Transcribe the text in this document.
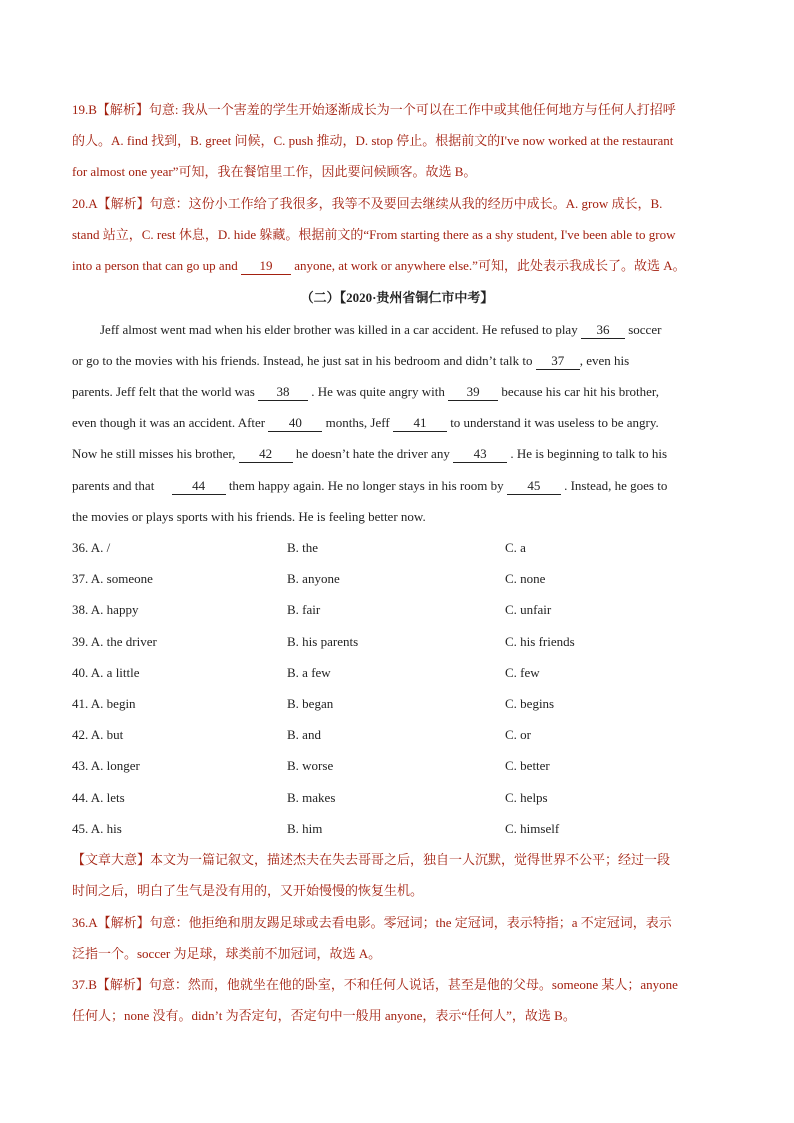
19.B【解析】句意: 我从一个害羞的学生开始逐渐成长为一个可以在工作中或其他任何地方与任何人打招呼
的人。A. find 找到，B. greet 问候，C. push 推动，D. stop 停止。根据前文的I've now worked at the restaurant
for almost one year”可知，我在餐馆里工作，因此要问候顾客。故选 B。
20.A【解析】句意：这份小工作给了我很多，我等不及要回去继续从我的经历中成长。A. grow 成长，B.
stand 站立，C. rest 休息，D. hide 躲藏。根据前文的“From starting there as a shy student, I've been able to grow
into a person that can go up and 19 anyone, at work or anywhere else.”可知，此处表示我成长了。故选 A。
（二）【2020·贵州省铜仁市中考】
Jeff almost went mad when his elder brother was killed in a car accident. He refused to play 36 soccer
or go to the movies with his friends. Instead, he just sat in his bedroom and didn’t talk to 37 , even his
parents. Jeff felt that the world was 38 . He was quite angry with 39 because his car hit his brother,
even though it was an accident. After 40 months, Jeff 41 to understand it was useless to be angry.
Now he still misses his brother, 42 he doesn’t hate the driver any 43 . He is beginning to talk to his
parents and that	44 them happy again. He no longer stays in his room by 45 . Instead, he goes to
the movies or plays sports with his friends. He is feeling better now.
36. A. /	B. the	C. a
37. A. someone	B. anyone	C. none
38. A. happy	B. fair	C. unfair
39. A. the driver	B. his parents	C. his friends
40. A. a little	B. a few	C. few
41. A. begin	B. began	C. begins
42. A. but	B. and	C. or
43. A. longer	B. worse	C. better
44. A. lets	B. makes	C. helps
45. A. his	B. him	C. himself
【文章大意】本文为一篇记叙文，描述杰夫在失去哥哥之后，独自一人沉默，觉得世界不公平；经过一段
时间之后，明白了生气是没有用的，又开始慢慢的恢复生机。
36.A【解析】句意：他拒绝和朋友踢足球或去看电影。零冠词；the 定冠词，表示特指；a 不定冠词，表示
泛指一个。soccer 为足球，球类前不加冠词，故选 A。
37.B【解析】句意：然而，他就坐在他的卧室，不和任何人说话，甚至是他的父母。someone 某人；anyone
任何人；none 没有。didn’t 为否定句，否定句中一般用 anyone，表示“任何人”，故选 B。
